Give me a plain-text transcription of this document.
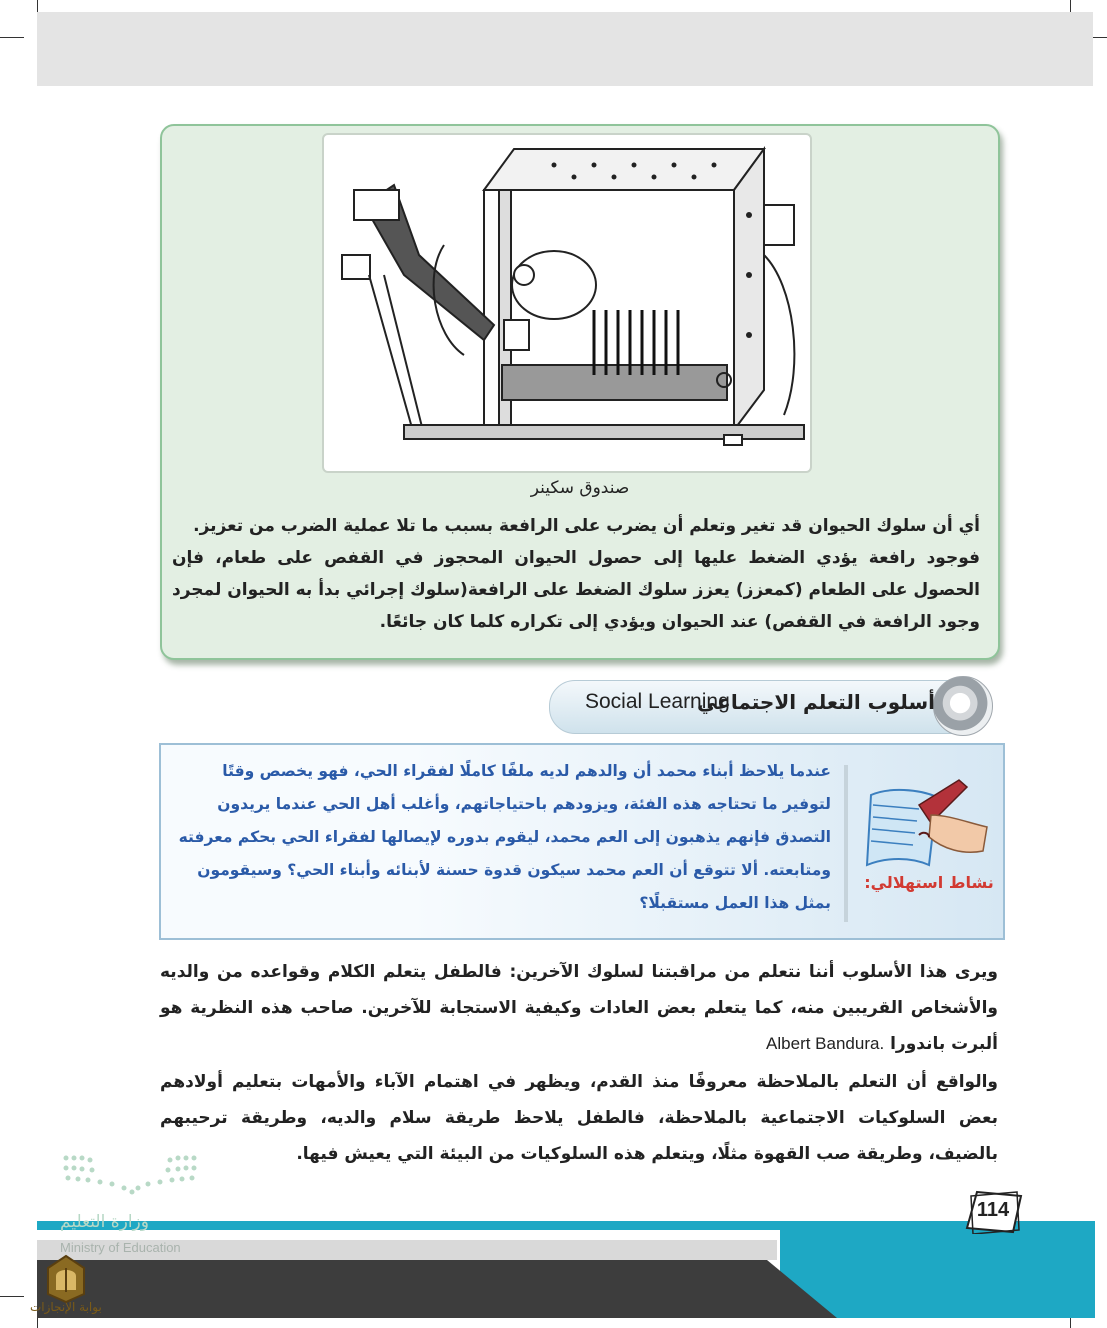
صندوق سكينر
أي أن سلوك الحيوان قد تغير وتعلم أن يضرب على الرافعة بسبب ما تلا عملية الضرب من تعزيز.
فوجود رافعة يؤدي الضغط عليها إلى حصول الحيوان المحجوز في القفص على طعام، فإن الحصول على الطعام (كمعزز) يعزز سلوك الضغط على الرافعة(سلوك إجرائي بدأ به الحيوان لمجرد وجود الرافعة في القفص) عند الحيوان ويؤدي إلى تكراره كلما كان جائعًا.
أسلوب التعلم الاجتماعي
Social Learning
عندما يلاحظ أبناء محمد أن والدهم لديه ملفًا كاملًا لفقراء الحي، فهو يخصص وقتًا لتوفير ما تحتاجه هذه الفئة، ويزودهم باحتياجاتهم، وأغلب أهل الحي عندما يريدون التصدق فإنهم يذهبون إلى العم محمد، ليقوم بدوره لإيصالها لفقراء الحي بحكم معرفته ومتابعته. ألا تتوقع أن العم محمد سيكون قدوة حسنة لأبنائه وأبناء الحي؟ وسيقومون بمثل هذا العمل مستقبلًا؟
نشاط استهلالي:
ويرى هذا الأسلوب أننا نتعلم من مراقبتنا لسلوك الآخرين: فالطفل يتعلم الكلام وقواعده من والديه والأشخاص القريبين منه، كما يتعلم بعض العادات وكيفية الاستجابة للآخرين. صاحب هذه النظرية هو ألبرت باندورا Albert Bandura.
والواقع أن التعلم بالملاحظة معروفًا منذ القدم، ويظهر في اهتمام الآباء والأمهات بتعليم أولادهم بعض السلوكيات الاجتماعية بالملاحظة، فالطفل يلاحظ طريقة سلام والديه، وطريقة ترحيبهم بالضيف، وطريقة صب القهوة مثلًا، ويتعلم هذه السلوكيات من البيئة التي يعيش فيها.
114
وزارة التعليم
Ministry of Education
بوابة الإنجازات
